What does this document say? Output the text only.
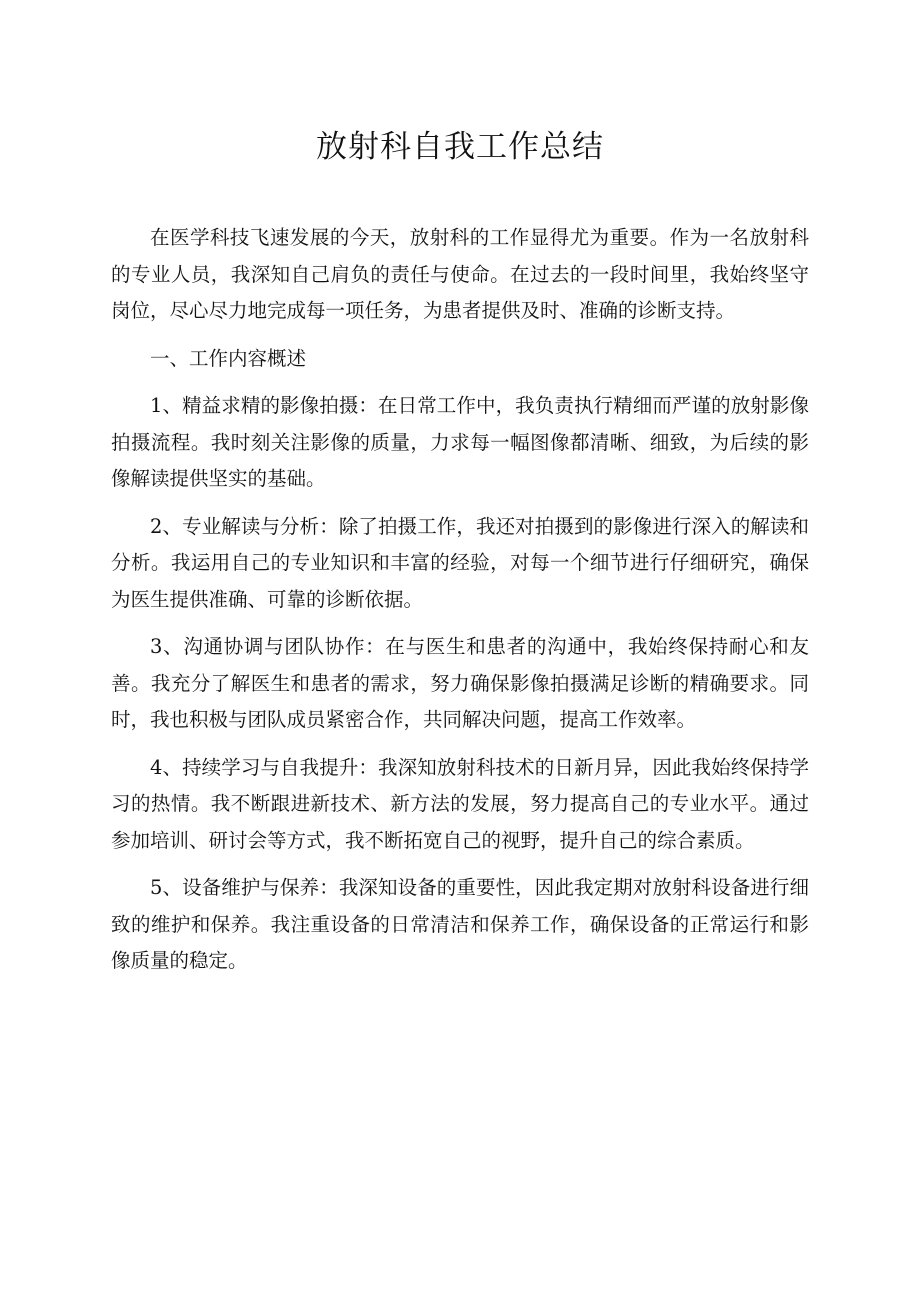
放射科自我工作总结

在医学科技飞速发展的今天，放射科的工作显得尤为重要。作为一名放射科的专业人员，我深知自己肩负的责任与使命。在过去的一段时间里，我始终坚守岗位，尽心尽力地完成每一项任务，为患者提供及时、准确的诊断支持。

一、工作内容概述

1、精益求精的影像拍摄：在日常工作中，我负责执行精细而严谨的放射影像拍摄流程。我时刻关注影像的质量，力求每一幅图像都清晰、细致，为后续的影像解读提供坚实的基础。

2、专业解读与分析：除了拍摄工作，我还对拍摄到的影像进行深入的解读和分析。我运用自己的专业知识和丰富的经验，对每一个细节进行仔细研究，确保为医生提供准确、可靠的诊断依据。

3、沟通协调与团队协作：在与医生和患者的沟通中，我始终保持耐心和友善。我充分了解医生和患者的需求，努力确保影像拍摄满足诊断的精确要求。同时，我也积极与团队成员紧密合作，共同解决问题，提高工作效率。

4、持续学习与自我提升：我深知放射科技术的日新月异，因此我始终保持学习的热情。我不断跟进新技术、新方法的发展，努力提高自己的专业水平。通过参加培训、研讨会等方式，我不断拓宽自己的视野，提升自己的综合素质。

5、设备维护与保养：我深知设备的重要性，因此我定期对放射科设备进行细致的维护和保养。我注重设备的日常清洁和保养工作，确保设备的正常运行和影像质量的稳定。
